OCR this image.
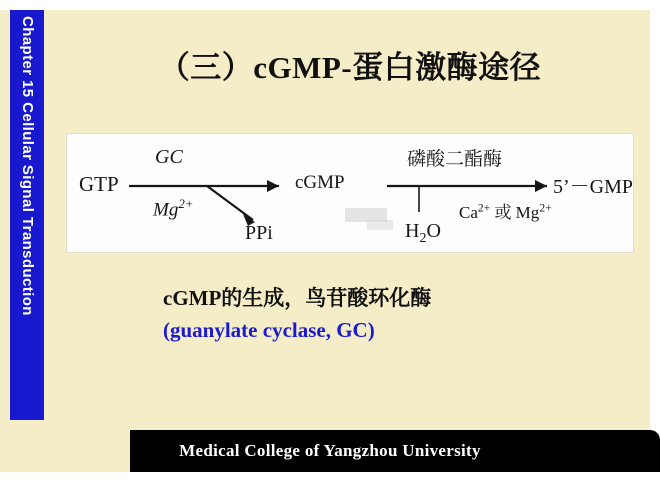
Chapter 15 Cellular Signal Transduction	（三）cGMP-蛋白激酶途径
GTP
GC
$Mg^{2+}$
PPi
cGMP
磷酸二酯酶
$H_2O$
$Ca^{2+}$ 或 $Mg^{2+}$
5’－GMP
cGMP的生成，鸟苷酸环化酶
(guanylate cyclase, GC)
Medical College of Yangzhou University
